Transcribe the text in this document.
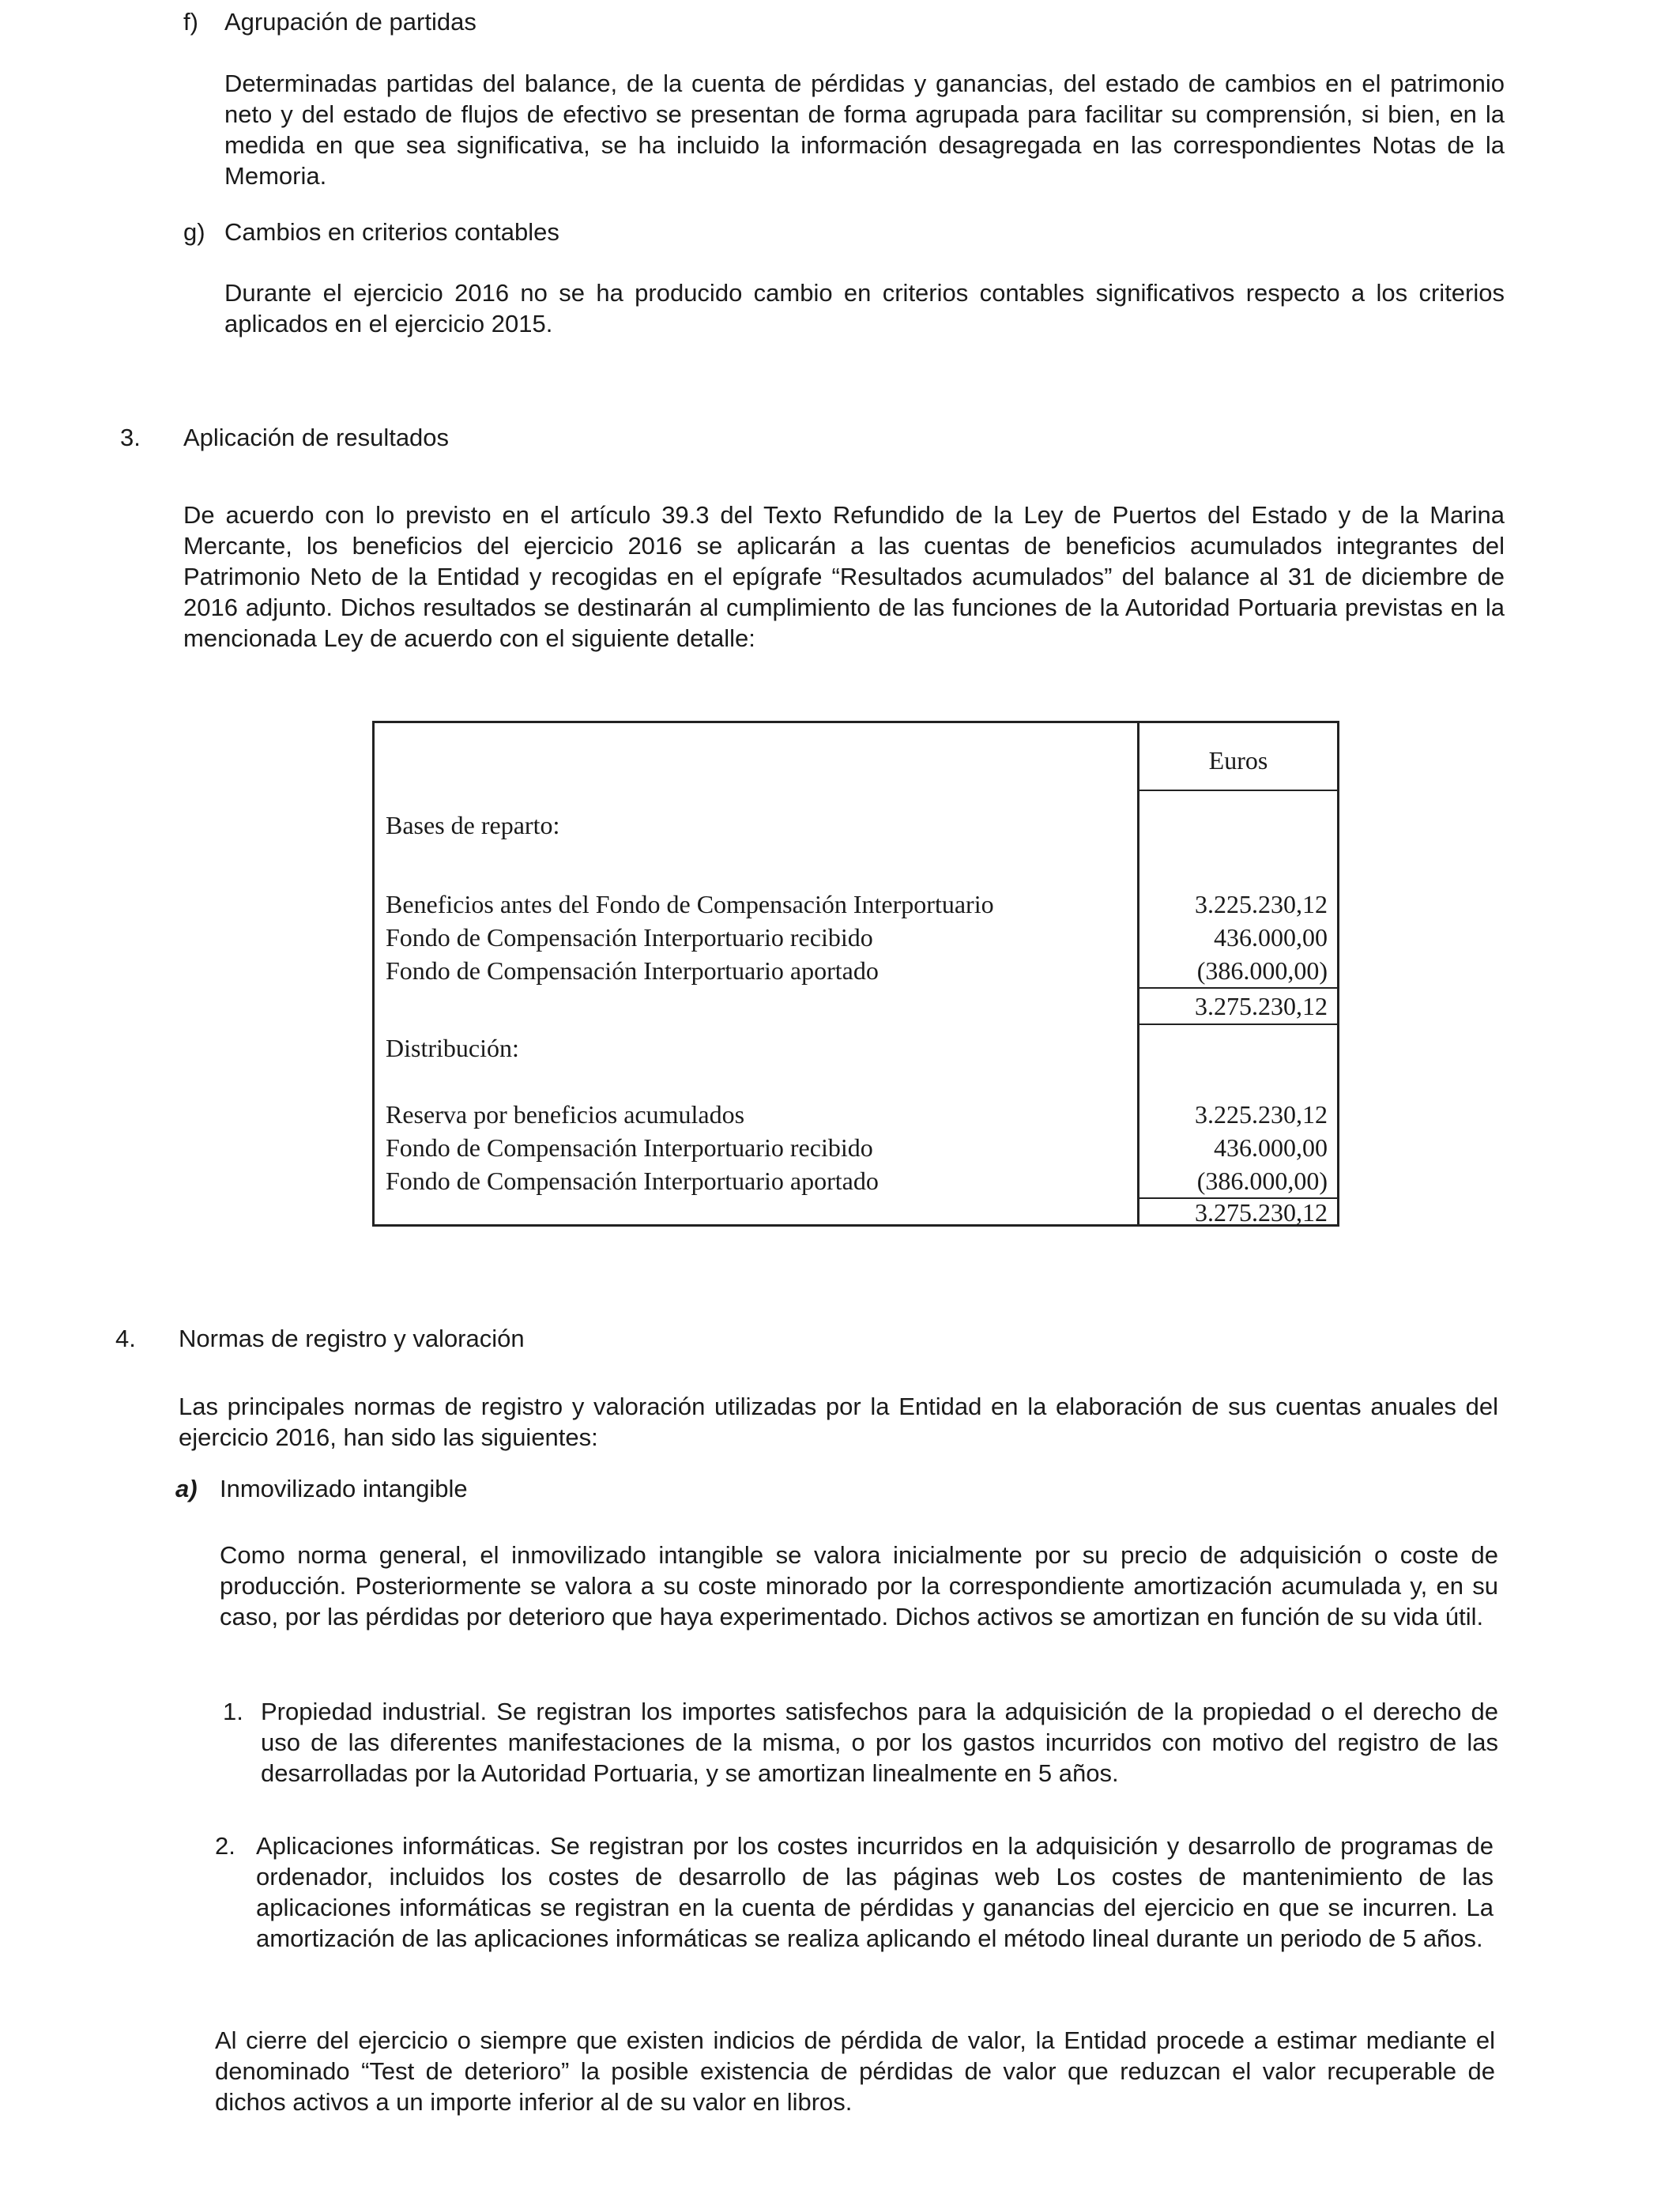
f) Agrupación de partidas
Determinadas partidas del balance, de la cuenta de pérdidas y ganancias, del estado de cambios en el patrimonio neto y del estado de flujos de efectivo se presentan de forma agrupada para facilitar su comprensión, si bien, en la medida en que sea significativa, se ha incluido la información desagregada en las correspondientes Notas de la Memoria.
g) Cambios en criterios contables
Durante el ejercicio 2016 no se ha producido cambio en criterios contables significativos respecto a los criterios aplicados en el ejercicio 2015.
3. Aplicación de resultados
De acuerdo con lo previsto en el artículo 39.3 del Texto Refundido de la Ley de Puertos del Estado y de la Marina Mercante, los beneficios del ejercicio 2016 se aplicarán a las cuentas de beneficios acumulados integrantes del Patrimonio Neto de la Entidad y recogidas en el epígrafe “Resultados acumulados” del balance al 31 de diciembre de 2016 adjunto. Dichos resultados se destinarán al cumplimiento de las funciones de la Autoridad Portuaria previstas en la mencionada Ley de acuerdo con el siguiente detalle:
Euros
Bases de reparto:
Beneficios antes del Fondo de Compensación Interportuario	3.225.230,12
Fondo de Compensación Interportuario recibido	436.000,00
Fondo de Compensación Interportuario aportado	(386.000,00)
3.275.230,12
Distribución:
Reserva por beneficios acumulados	3.225.230,12
Fondo de Compensación Interportuario recibido	436.000,00
Fondo de Compensación Interportuario aportado	(386.000,00)
3.275.230,12
4. Normas de registro y valoración
Las principales normas de registro y valoración utilizadas por la Entidad en la elaboración de sus cuentas anuales del ejercicio 2016, han sido las siguientes:
a) Inmovilizado intangible
Como norma general, el inmovilizado intangible se valora inicialmente por su precio de adquisición o coste de producción. Posteriormente se valora a su coste minorado por la correspondiente amortización acumulada y, en su caso, por las pérdidas por deterioro que haya experimentado. Dichos activos se amortizan en función de su vida útil.
1. Propiedad industrial. Se registran los importes satisfechos para la adquisición de la propiedad o el derecho de uso de las diferentes manifestaciones de la misma, o por los gastos incurridos con motivo del registro de las desarrolladas por la Autoridad Portuaria, y se amortizan linealmente en 5 años.
2. Aplicaciones informáticas. Se registran por los costes incurridos en la adquisición y desarrollo de programas de ordenador, incluidos los costes de desarrollo de las páginas web Los costes de mantenimiento de las aplicaciones informáticas se registran en la cuenta de pérdidas y ganancias del ejercicio en que se incurren. La amortización de las aplicaciones informáticas se realiza aplicando el método lineal durante un periodo de 5 años.
Al cierre del ejercicio o siempre que existen indicios de pérdida de valor, la Entidad procede a estimar mediante el denominado “Test de deterioro” la posible existencia de pérdidas de valor que reduzcan el valor recuperable de dichos activos a un importe inferior al de su valor en libros.
